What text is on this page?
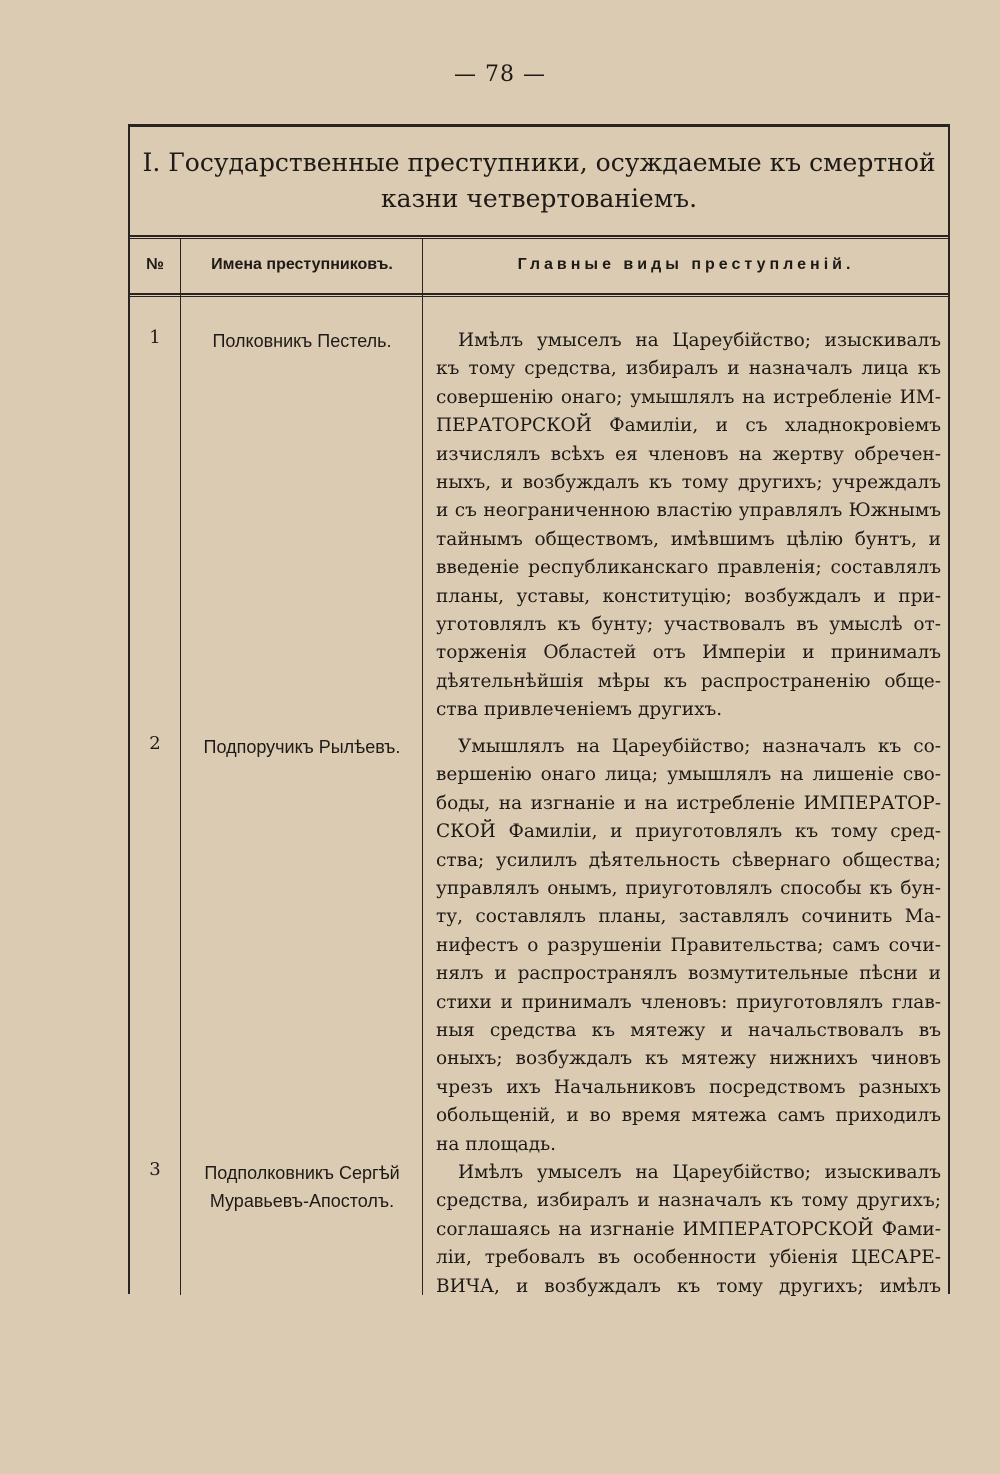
— 78 —
I. Государственные преступники, осуждаемые къ смертной
казни четвертованіемъ.
№	Имена преступниковъ.	Главные виды преступленій.
1	Полковникъ Пестель.	Имѣлъ умыселъ на Цареубійство; изыскивалъ
къ тому средства, избиралъ и назначалъ лица къ
совершенію онаго; умышлялъ на истребленіе ИМ-
ПЕРАТОРСКОЙ Фамиліи, и съ хладнокровіемъ
изчислялъ всѣхъ ея членовъ на жертву обречен-
ныхъ, и возбуждалъ къ тому другихъ; учреждалъ
и съ неограниченною властію управлялъ Южнымъ
тайнымъ обществомъ, имѣвшимъ цѣлію бунтъ, и
введеніе республиканскаго правленія; составлялъ
планы, уставы, конституцію; возбуждалъ и при-
уготовлялъ къ бунту; участвовалъ въ умыслѣ от-
торженія Областей отъ Имперіи и принималъ
дѣятельнѣйшія мѣры къ распространенію обще-
ства привлеченіемъ другихъ.
2	Подпоручикъ Рылѣевъ.	Умышлялъ на Цареубійство; назначалъ къ со-
вершенію онаго лица; умышлялъ на лишеніе сво-
боды, на изгнаніе и на истребленіе ИМПЕРАТОР-
СКОЙ Фамиліи, и приуготовлялъ къ тому сред-
ства; усилилъ дѣятельность сѣвернаго общества;
управлялъ онымъ, приуготовлялъ способы къ бун-
ту, составлялъ планы, заставлялъ сочинить Ма-
нифестъ о разрушеніи Правительства; самъ сочи-
нялъ и распространялъ возмутительные пѣсни и
стихи и принималъ членовъ: приуготовлялъ глав-
ныя средства къ мятежу и начальствовалъ въ
оныхъ; возбуждалъ къ мятежу нижнихъ чиновъ
чрезъ ихъ Начальниковъ посредствомъ разныхъ
обольщеній, и во время мятежа самъ приходилъ
на площадь.
3	Подполковникъ Сергѣй
Муравьевъ-Апостолъ.
Имѣлъ умыселъ на Цареубійство; изыскивалъ
средства, избиралъ и назначалъ къ тому другихъ;
соглашаясь на изгнаніе ИМПЕРАТОРСКОЙ Фами-
ліи, требовалъ въ особенности убіенія ЦЕСАРЕ-
ВИЧА, и возбуждалъ къ тому другихъ; имѣлъ
